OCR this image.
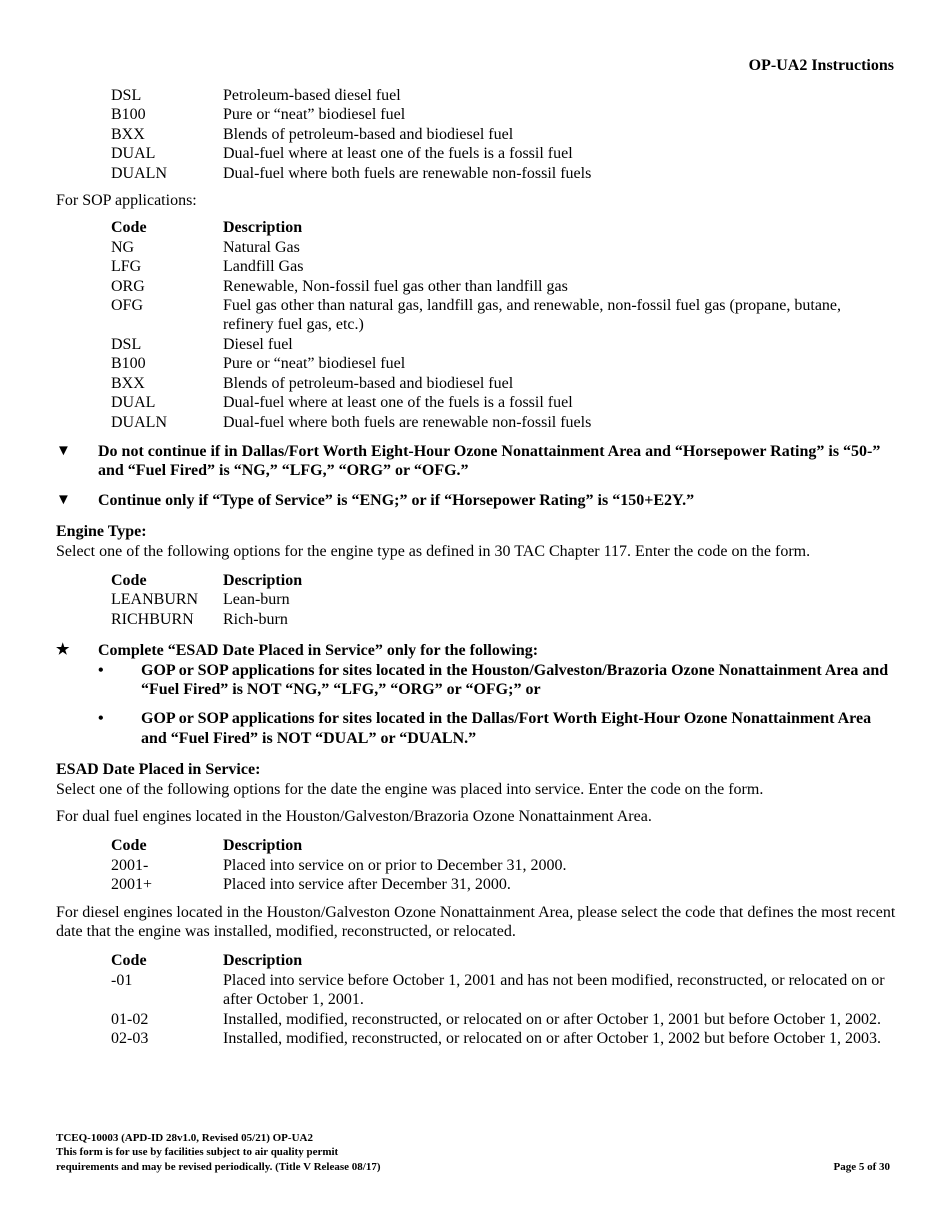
OP-UA2 Instructions
DSL	Petroleum-based diesel fuel
B100	Pure or “neat” biodiesel fuel
BXX	Blends of petroleum-based and biodiesel fuel
DUAL	Dual-fuel where at least one of the fuels is a fossil fuel
DUALN	Dual-fuel where both fuels are renewable non-fossil fuels

For SOP applications:

Code	Description
NG	Natural Gas
LFG	Landfill Gas
ORG	Renewable, Non-fossil fuel gas other than landfill gas
OFG	Fuel gas other than natural gas, landfill gas, and renewable, non-fossil fuel gas (propane, butane, refinery fuel gas, etc.)
DSL	Diesel fuel
B100	Pure or “neat” biodiesel fuel
BXX	Blends of petroleum-based and biodiesel fuel
DUAL	Dual-fuel where at least one of the fuels is a fossil fuel
DUALN	Dual-fuel where both fuels are renewable non-fossil fuels
▼	Do not continue if in Dallas/Fort Worth Eight-Hour Ozone Nonattainment Area and “Horsepower Rating” is “50-” and “Fuel Fired” is “NG,” “LFG,” “ORG” or “OFG.”
▼	Continue only if “Type of Service” is “ENG;” or if “Horsepower Rating” is “150+E2Y.”

Engine Type:

Select one of the following options for the engine type as defined in 30 TAC Chapter 117. Enter the code on the form.

Code	Description
LEANBURN	Lean-burn
RICHBURN	Rich-burn
★	Complete “ESAD Date Placed in Service” only for the following:
•	GOP or SOP applications for sites located in the Houston/Galveston/Brazoria Ozone Nonattainment Area and “Fuel Fired” is NOT “NG,” “LFG,” “ORG” or “OFG;” or
•	GOP or SOP applications for sites located in the Dallas/Fort Worth Eight-Hour Ozone Nonattainment Area and “Fuel Fired” is NOT “DUAL” or “DUALN.”

ESAD Date Placed in Service:

Select one of the following options for the date the engine was placed into service. Enter the code on the form.

For dual fuel engines located in the Houston/Galveston/Brazoria Ozone Nonattainment Area.

Code	Description
2001-	Placed into service on or prior to December 31, 2000.
2001+	Placed into service after December 31, 2000.

For diesel engines located in the Houston/Galveston Ozone Nonattainment Area, please select the code that defines the most recent date that the engine was installed, modified, reconstructed, or relocated.

Code	Description
-01	Placed into service before October 1, 2001 and has not been modified, reconstructed, or relocated on or after October 1, 2001.
01-02	Installed, modified, reconstructed, or relocated on or after October 1, 2001 but before October 1, 2002.
02-03	Installed, modified, reconstructed, or relocated on or after October 1, 2002 but before October 1, 2003.
TCEQ-10003 (APD-ID 28v1.0, Revised 05/21) OP-UA2
This form is for use by facilities subject to air quality permit
requirements and may be revised periodically. (Title V Release 08/17)	Page 5 of 30
